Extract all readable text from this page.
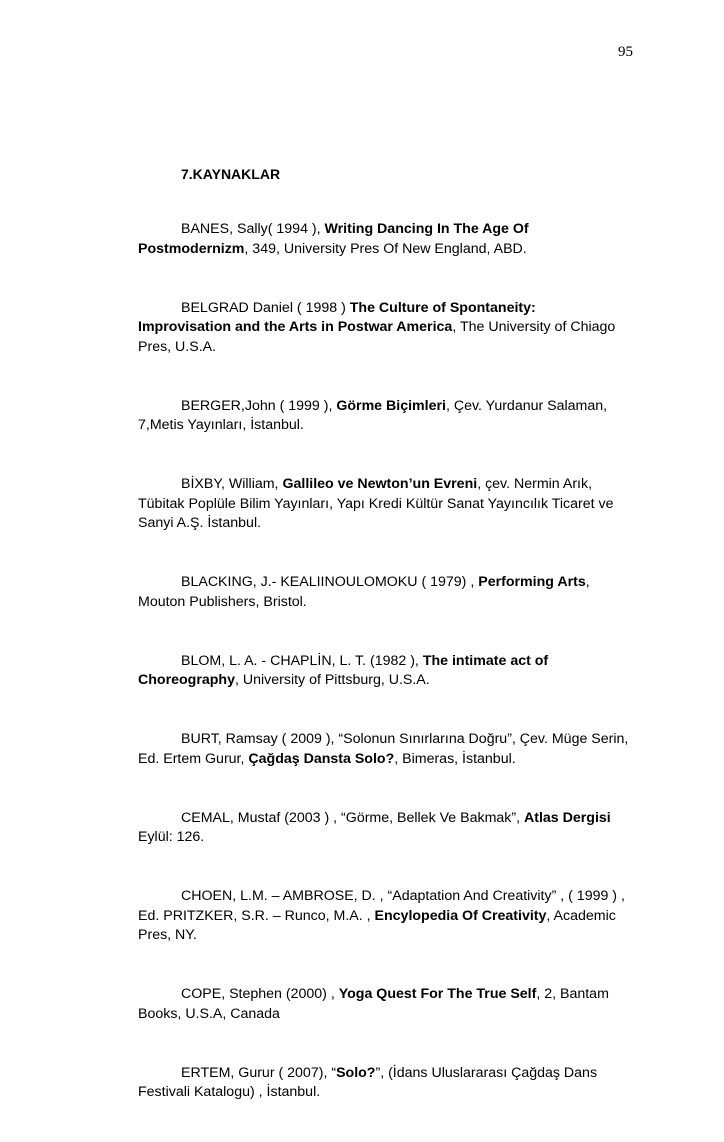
95
7.KAYNAKLAR

BANES, Sally( 1994 ), Writing Dancing In The Age Of Postmodernizm, 349, University Pres Of New England, ABD.

BELGRAD Daniel ( 1998 ) The Culture of Spontaneity: Improvisation and the Arts in Postwar America, The University of Chiago Pres, U.S.A.

BERGER,John ( 1999 ), Görme Biçimleri, Çev. Yurdanur Salaman, 7,Metis Yayınları, İstanbul.

BİXBY, William, Gallileo ve Newton’un Evreni, çev. Nermin Arık, Tübitak Poplüle Bilim Yayınları, Yapı Kredi Kültür Sanat Yayıncılık Ticaret ve Sanyi A.Ş. İstanbul.

BLACKING, J.- KEALIINOULOMOKU ( 1979) , Performing Arts, Mouton Publishers, Bristol.

BLOM, L. A. - CHAPLİN, L. T. (1982 ), The intimate act of Choreography, University of Pittsburg, U.S.A.

BURT, Ramsay ( 2009 ), “Solonun Sınırlarına Doğru”, Çev. Müge Serin, Ed. Ertem Gurur, Çağdaş Dansta Solo?, Bimeras, İstanbul.

CEMAL, Mustaf (2003 ) , “Görme, Bellek Ve Bakmak”, Atlas Dergisi Eylül: 126.

CHOEN, L.M. – AMBROSE, D. , “Adaptation And Creativity” , ( 1999 ) , Ed. PRITZKER, S.R. – Runco, M.A. , Encylopedia Of Creativity, Academic Pres, NY.

COPE, Stephen (2000) , Yoga Quest For The True Self, 2, Bantam Books, U.S.A, Canada

ERTEM, Gurur ( 2007), “Solo?”, (İdans Uluslararası Çağdaş Dans Festivali Katalogu) , İstanbul.
